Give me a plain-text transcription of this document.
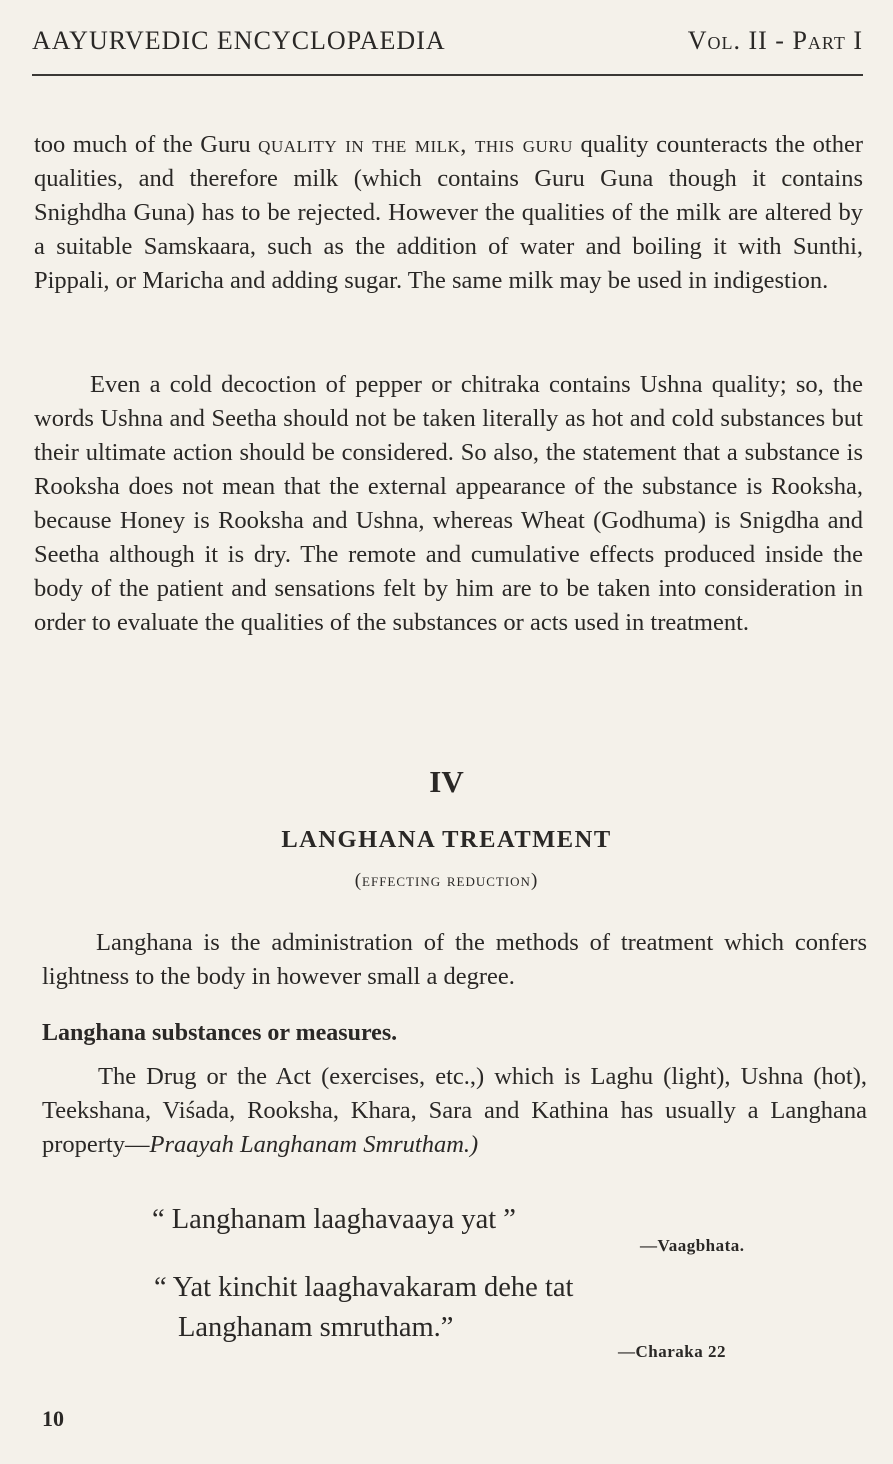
AAYURVEDIC ENCYCLOPAEDIA	Vol. II - Part I

too much of the Guru quality in the milk, this guru quality counteracts the other qualities, and therefore milk (which contains Guru Guna though it contains Snighdha Guna) has to be rejected. However the qualities of the milk are altered by a suitable Samskaara, such as the addition of water and boiling it with Sunthi, Pippali, or Maricha and adding sugar. The same milk may be used in indigestion.

Even a cold decoction of pepper or chitraka contains Ushna quality; so, the words Ushna and Seetha should not be taken literally as hot and cold substances but their ultimate action should be considered. So also, the statement that a substance is Rooksha does not mean that the external appearance of the substance is Rooksha, because Honey is Rooksha and Ushna, whereas Wheat (Godhuma) is Snigdha and Seetha although it is dry. The remote and cumulative effects produced inside the body of the patient and sensations felt by him are to be taken into consideration in order to evaluate the qualities of the substances or acts used in treatment.

IV
LANGHANA TREATMENT
(effecting reduction)

Langhana is the administration of the methods of treatment which confers lightness to the body in however small a degree.

Langhana substances or measures.

The Drug or the Act (exercises, etc.,) which is Laghu (light), Ushna (hot), Teekshana, Viśada, Rooksha, Khara, Sara and Kathina has usually a Langhana property—Praayah Langhanam Smrutham.)

“ Langhanam laaghavaaya yat ”
—Vaagbhata.
“ Yat kinchit laaghavakaram dehe tat
Langhanam smrutham.”
—Charaka 22
10
